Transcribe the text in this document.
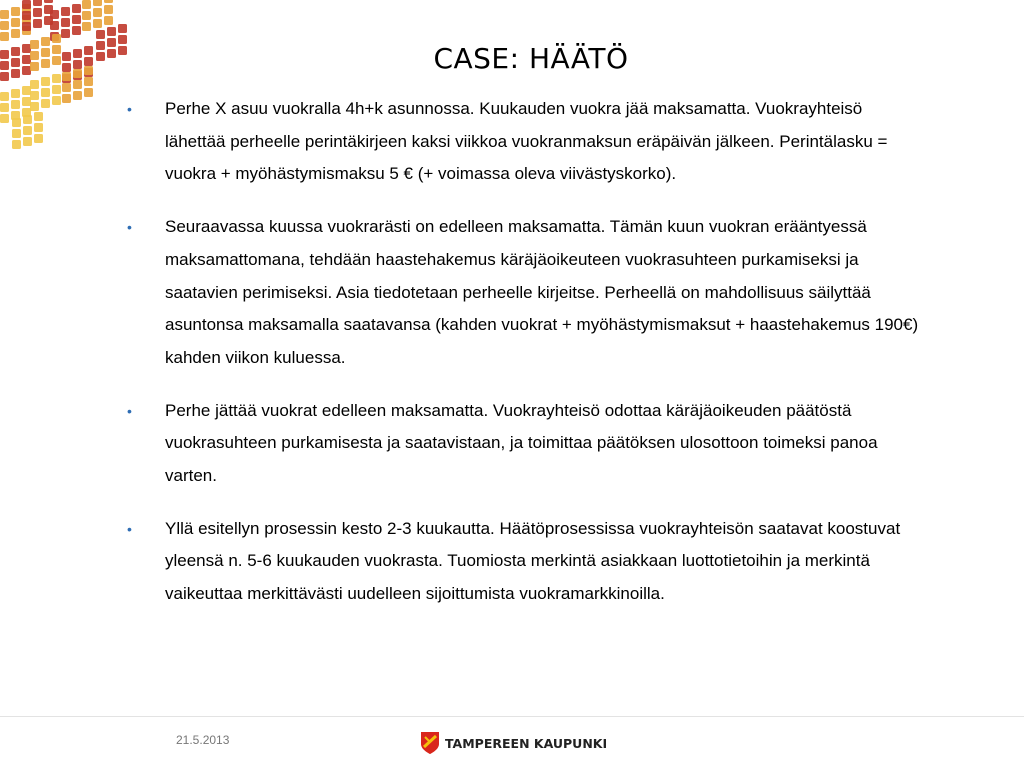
CASE: HÄÄTÖ
• Perhe X asuu vuokralla 4h+k asunnossa. Kuukauden vuokra jää maksamatta. Vuokrayhteisö lähettää perheelle perintäkirjeen kaksi viikkoa vuokranmaksun eräpäivän jälkeen. Perintälasku = vuokra + myöhästymismaksu 5 € (+ voimassa oleva viivästyskorko).
• Seuraavassa kuussa vuokrarästi on edelleen maksamatta. Tämän kuun vuokran erääntyessä maksamattomana, tehdään haastehakemus käräjäoikeuteen vuokrasuhteen purkamiseksi ja saatavien perimiseksi. Asia tiedotetaan perheelle kirjeitse. Perheellä on mahdollisuus säilyttää asuntonsa maksamalla saatavansa (kahden vuokrat + myöhästymismaksut + haastehakemus 190€) kahden viikon kuluessa.
• Perhe jättää vuokrat edelleen maksamatta. Vuokrayhteisö odottaa käräjäoikeuden päätöstä vuokrasuhteen purkamisesta ja saatavistaan, ja toimittaa päätöksen ulosottoon toimeksi panoa varten.
• Yllä esitellyn prosessin kesto 2-3 kuukautta. Häätöprosessissa vuokrayhteisön saatavat koostuvat yleensä n. 5-6 kuukauden vuokrasta. Tuomiosta merkintä asiakkaan luottotietoihin ja merkintä vaikeuttaa merkittävästi uudelleen sijoittumista vuokramarkkinoilla.
21.5.2013	TAMPEREEN KAUPUNKI
